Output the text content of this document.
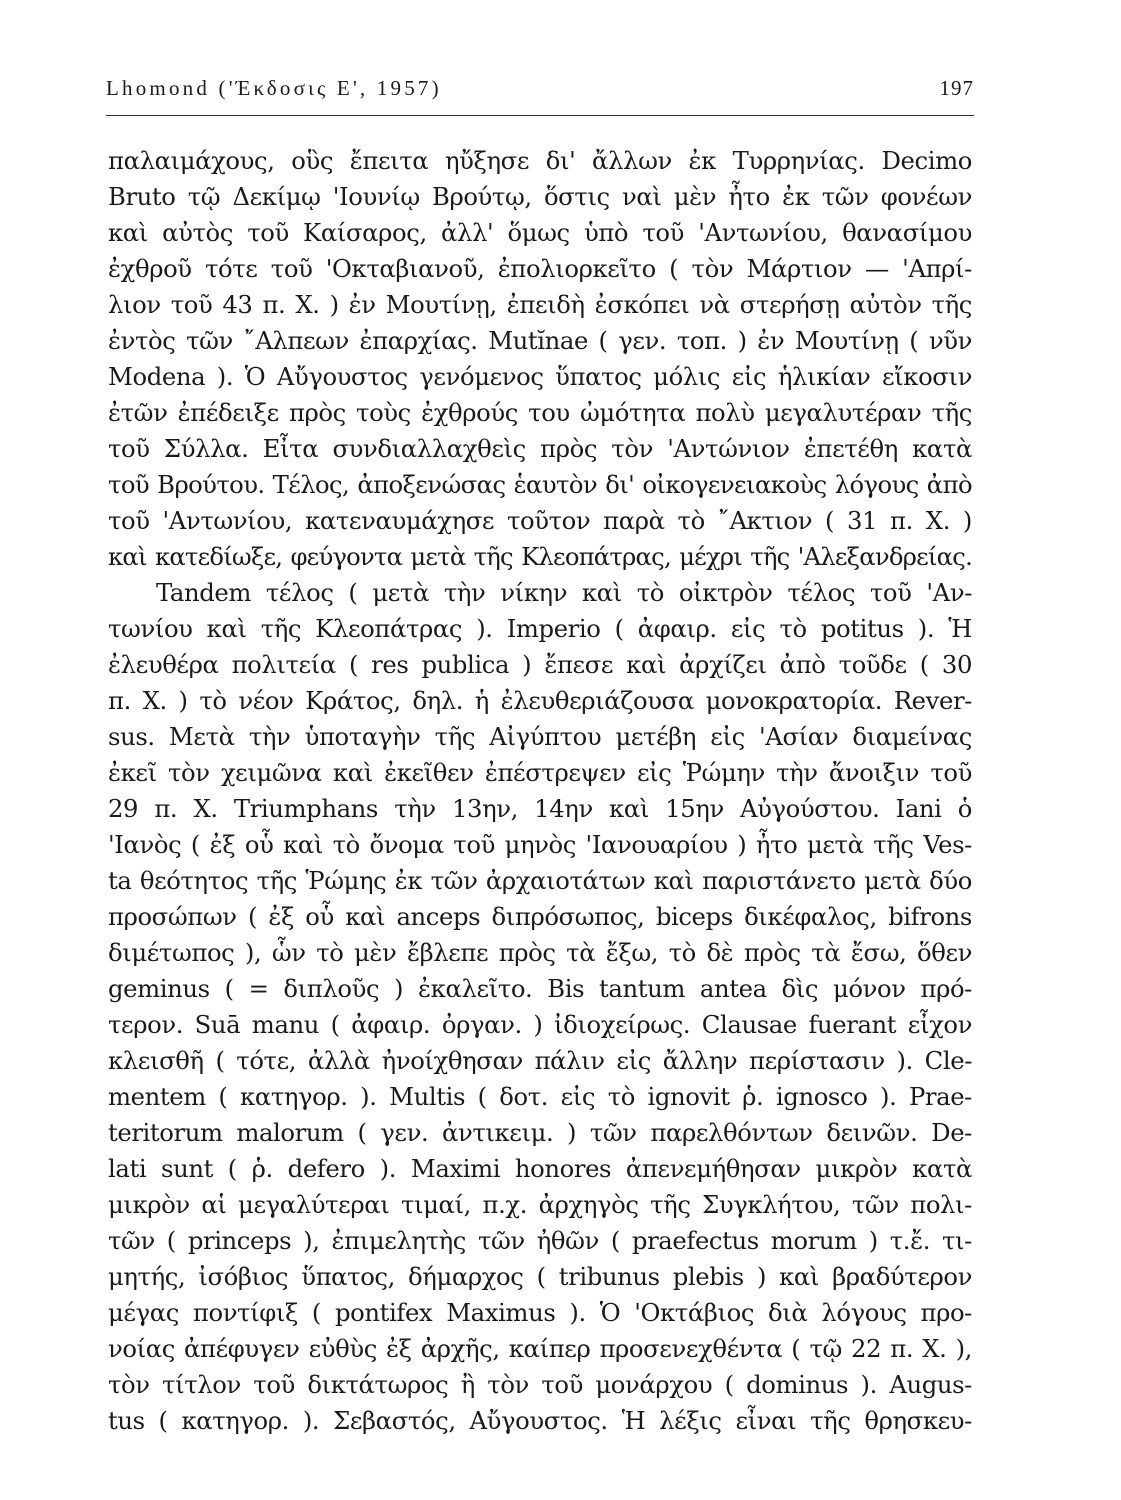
Lhomond ('Έκδοσις Ε', 1957)	197
παλαιμάχους, οὓς ἔπειτα ηὔξησε δι' ἄλλων ἐκ Τυρρηνίας. Decimo
Bruto τῷ Δεκίμῳ 'Ιουνίῳ Βρούτῳ, ὅστις ναὶ μὲν ἦτο ἐκ τῶν φονέων
καὶ αὐτὸς τοῦ Καίσαρος, ἀλλ' ὅμως ὑπὸ τοῦ 'Αντωνίου, θανασίμου
ἐχθροῦ τότε τοῦ 'Οκταβιανοῦ, ἐπολιορκεῖτο ( τὸν Μάρτιον — 'Απρί-
λιον τοῦ 43 π. Χ. ) ἐν Μουτίνῃ, ἐπειδὴ ἐσκόπει νὰ στερήσῃ αὐτὸν τῆς
ἐντὸς τῶν ῎Αλπεων ἐπαρχίας. Mutĭnae ( γεν. τοπ. ) ἐν Μουτίνῃ ( νῦν
Modena ). Ὁ Αὔγουστος γενόμενος ὕπατος μόλις εἰς ἡλικίαν εἴκοσιν
ἐτῶν ἐπέδειξε πρὸς τοὺς ἐχθρούς του ὠμότητα πολὺ μεγαλυτέραν τῆς
τοῦ Σύλλα. Εἶτα συνδιαλλαχθεὶς πρὸς τὸν 'Αντώνιον ἐπετέθη κατὰ
τοῦ Βρούτου. Τέλος, ἀποξενώσας ἑαυτὸν δι' οἰκογενειακοὺς λόγους ἀπὸ
τοῦ 'Αντωνίου, κατεναυμάχησε τοῦτον παρὰ τὸ ῎Ακτιον ( 31 π. Χ. )
καὶ κατεδίωξε, φεύγοντα μετὰ τῆς Κλεοπάτρας, μέχρι τῆς 'Αλεξανδρείας.
Tandem τέλος ( μετὰ τὴν νίκην καὶ τὸ οἰκτρὸν τέλος τοῦ 'Αν-
τωνίου καὶ τῆς Κλεοπάτρας ). Imperio ( ἀφαιρ. εἰς τὸ potitus ). Ἡ
ἐλευθέρα πολιτεία ( res publica ) ἔπεσε καὶ ἀρχίζει ἀπὸ τοῦδε ( 30
π. Χ. ) τὸ νέον Κράτος, δηλ. ἡ ἐλευθεριάζουσα μονοκρατορία. Rever-
sus. Μετὰ τὴν ὑποταγὴν τῆς Αἰγύπτου μετέβη εἰς 'Ασίαν διαμείνας
ἐκεῖ τὸν χειμῶνα καὶ ἐκεῖθεν ἐπέστρεψεν εἰς Ῥώμην τὴν ἄνοιξιν τοῦ
29 π. Χ. Triumphans τὴν 13ην, 14ην καὶ 15ην Αὐγούστου. Iani ὁ
'Ιανὸς ( ἐξ οὗ καὶ τὸ ὄνομα τοῦ μηνὸς 'Ιανουαρίου ) ἦτο μετὰ τῆς Ves-
ta θεότητος τῆς Ῥώμης ἐκ τῶν ἀρχαιοτάτων καὶ παριστάνετο μετὰ δύο
προσώπων ( ἐξ οὗ καὶ anceps διπρόσωπος, biceps δικέφαλος, bifrons
διμέτωπος ), ὧν τὸ μὲν ἔβλεπε πρὸς τὰ ἔξω, τὸ δὲ πρὸς τὰ ἔσω, ὅθεν
geminus ( = διπλοῦς ) ἐκαλεῖτο. Bis tantum antea δὶς μόνον πρό-
τερον. Suā manu ( ἀφαιρ. ὀργαν. ) ἰδιοχείρως. Clausae fuerant εἶχον
κλεισθῆ ( τότε, ἀλλὰ ἠνοίχθησαν πάλιν εἰς ἄλλην περίστασιν ). Cle-
mentem ( κατηγορ. ). Multis ( δοτ. εἰς τὸ ignovit ῥ. ignosco ). Prae-
teritorum malorum ( γεν. ἀντικειμ. ) τῶν παρελθόντων δεινῶν. De-
lati sunt ( ῥ. defero ). Maximi honores ἀπενεμήθησαν μικρὸν κατὰ
μικρὸν αἱ μεγαλύτεραι τιμαί, π.χ. ἀρχηγὸς τῆς Συγκλήτου, τῶν πολι-
τῶν ( princeps ), ἐπιμελητὴς τῶν ἠθῶν ( praefectus morum ) τ.ἔ. τι-
μητής, ἰσόβιος ὕπατος, δήμαρχος ( tribunus plebis ) καὶ βραδύτερον
μέγας ποντίφιξ ( pontifex Maximus ). Ὁ 'Οκτάβιος διὰ λόγους προ-
νοίας ἀπέφυγεν εὐθὺς ἐξ ἀρχῆς, καίπερ προσενεχθέντα ( τῷ 22 π. Χ. ),
τὸν τίτλον τοῦ δικτάτωρος ἢ τὸν τοῦ μονάρχου ( dominus ). Augus-
tus ( κατηγορ. ). Σεβαστός, Αὔγουστος. Ἡ λέξις εἶναι τῆς θρησκευ-
